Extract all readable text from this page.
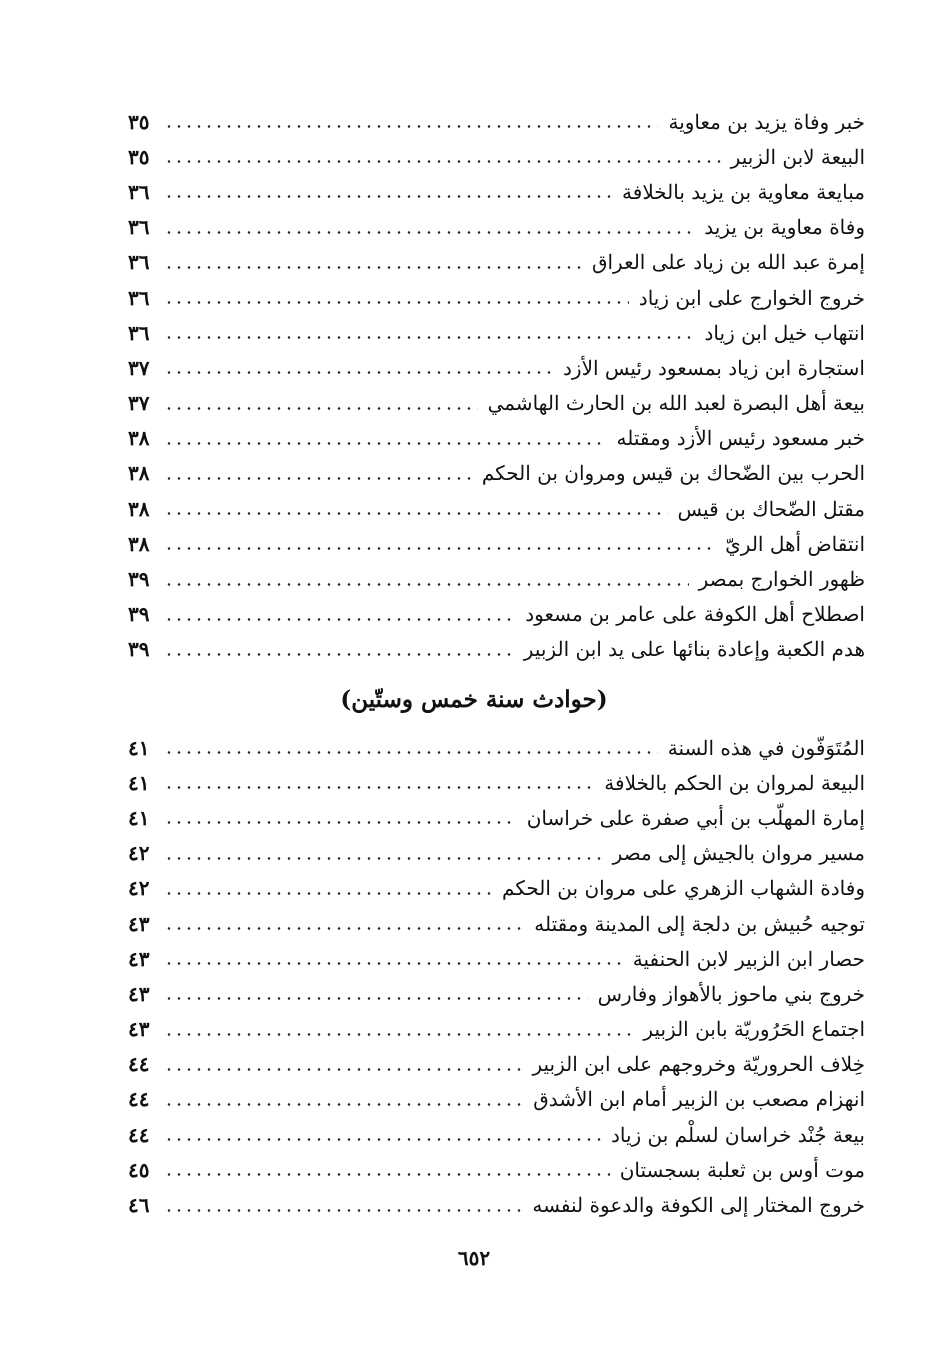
خبر وفاة يزيد بن معاوية
٣٥
البيعة لابن الزبير
٣٥
مبايعة معاوية بن يزيد بالخلافة
٣٦
وفاة معاوية بن يزيد
٣٦
إمرة عبد الله بن زياد على العراق
٣٦
خروج الخوارج على ابن زياد
٣٦
انتهاب خيل ابن زياد
٣٦
استجارة ابن زياد بمسعود رئيس الأزد
٣٧
بيعة أهل البصرة لعبد الله بن الحارث الهاشمي
٣٧
خبر مسعود رئيس الأزد ومقتله
٣٨
الحرب بين الضّحاك بن قيس ومروان بن الحكم
٣٨
مقتل الضّحاك بن قيس
٣٨
انتقاض أهل الريّ
٣٨
ظهور الخوارج بمصر
٣٩
اصطلاح أهل الكوفة على عامر بن مسعود
٣٩
هدم الكعبة وإعادة بنائها على يد ابن الزبير
٣٩
(حوادث سنة خمس وستّين)
المُتَوَفّون في هذه السنة
٤١
البيعة لمروان بن الحكم بالخلافة
٤١
إمارة المهلّب بن أبي صفرة على خراسان
٤١
مسير مروان بالجيش إلى مصر
٤٢
وفادة الشهاب الزهري على مروان بن الحكم
٤٢
توجيه حُبيش بن دلجة إلى المدينة ومقتله
٤٣
حصار ابن الزبير لابن الحنفية
٤٣
خروج بني ماحوز بالأهواز وفارس
٤٣
اجتماع الحَرُوريّة بابن الزبير
٤٣
خِلاف الحروريّة وخروجهم على ابن الزبير
٤٤
انهزام مصعب بن الزبير أمام ابن الأشدق
٤٤
بيعة جُنْد خراسان لسلْم بن زياد
٤٤
موت أوس بن ثعلبة بسجستان
٤٥
خروج المختار إلى الكوفة والدعوة لنفسه
٤٦
٦٥٢
